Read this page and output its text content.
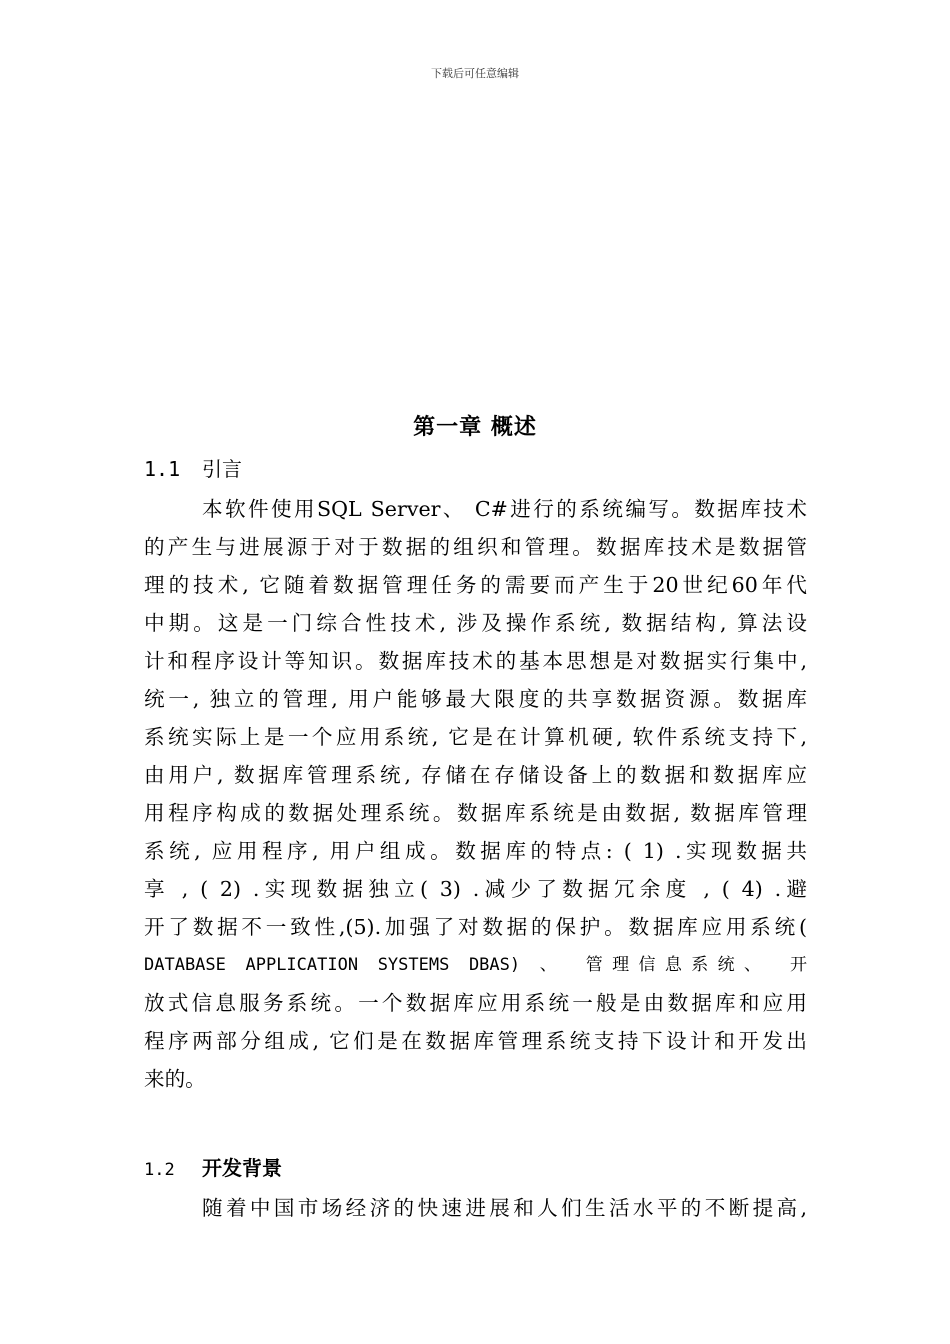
下载后可任意编辑
第一章 概述
1.1 引言
本软件使用SQL Server、 C#进行的系统编写。数据库技术
的产生与进展源于对于数据的组织和管理。数据库技术是数据管
理的技术, 它随着数据管理任务的需要而产生于20世纪60年代
中期。这是一门综合性技术, 涉及操作系统, 数据结构, 算法设
计和程序设计等知识。数据库技术的基本思想是对数据实行集中,
统一, 独立的管理, 用户能够最大限度的共享数据资源。数据库
系统实际上是一个应用系统, 它是在计算机硬, 软件系统支持下,
由用户, 数据库管理系统, 存储在存储设备上的数据和数据库应
用程序构成的数据处理系统。数据库系统是由数据, 数据库管理
系统, 应用程序, 用户组成。数据库的特点: ( 1) .实现数据共
享 , ( 2) .实现数据独立( 3) .减少了数据冗余度 , ( 4) .避
开了数据不一致性,(5).加强了对数据的保护。数据库应用系统(
DATABASE APPLICATION SYSTEMS DBAS) 、 管理信息系统、 开
放式信息服务系统。一个数据库应用系统一般是由数据库和应用
程序两部分组成, 它们是在数据库管理系统支持下设计和开发出
来的。
1.2 开发背景
随着中国市场经济的快速进展和人们生活水平的不断提高,
